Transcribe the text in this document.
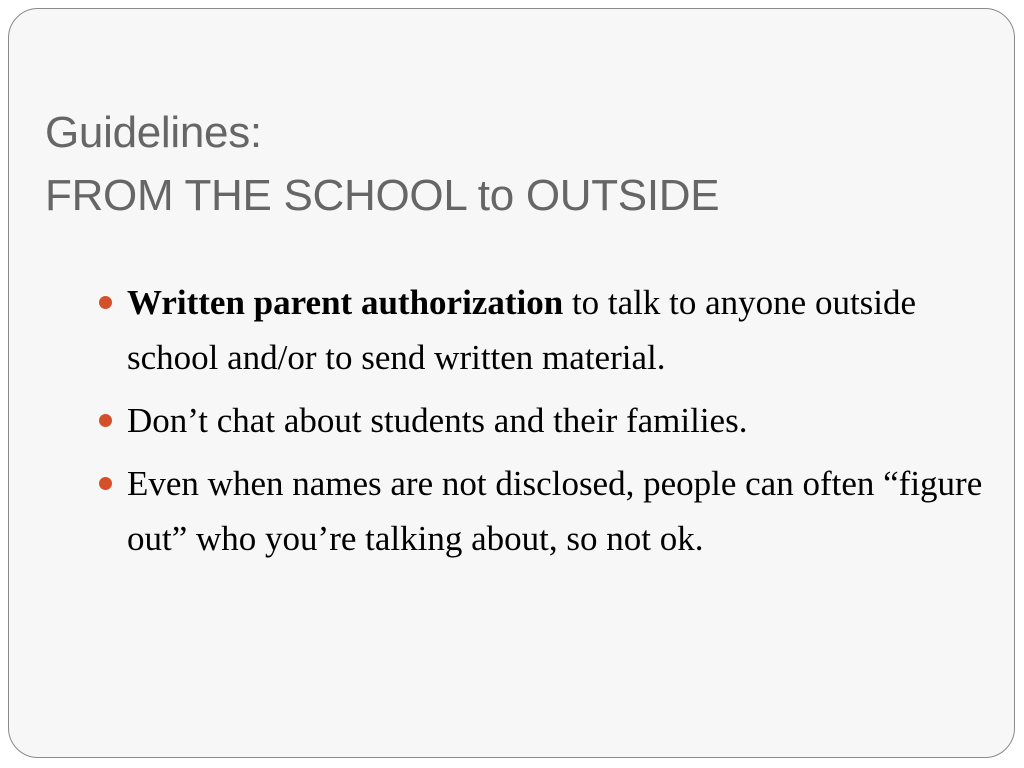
Guidelines:
FROM THE SCHOOL to OUTSIDE
Written parent authorization to talk to anyone outside school and/or to send written material.
Don’t chat about students and their families.
Even when names are not disclosed, people can often “figure out” who you’re talking about, so not ok.
